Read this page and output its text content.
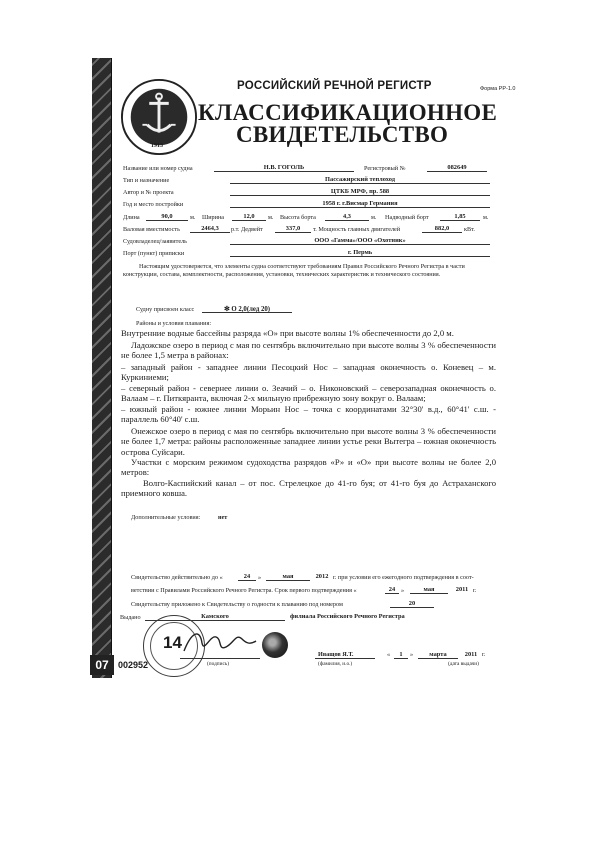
07
1913
РОССИЙСКИЙ РЕЧНОЙ РЕГИСТР	Форма РР-1.0
КЛАССИФИКАЦИОННОЕ
СВИДЕТЕЛЬСТВО
Название или номер судна	Н.В. ГОГОЛЬ	Регистровый №	082649
Тип и назначение	Пассажирский теплоход
Автор и № проекта	ЦТКБ МРФ, пр. 588
Год и место постройки	1958 г. г.Висмар Германия
Длина	90,0	м. Ширина	12,0	м. Высота борта	4,3	м. Надводный борт	1,85	м.
Валовая вместимость	2464,3	р.т. Дедвейт	337,0	т. Мощность главных двигателей	882,0	кВт.
Судовладелец/заявитель	ООО «Гамма»/ООО «Охотник»
Порт (пункт) приписки	г. Пермь
Настоящим удостоверяется, что элементы судна соответствуют требованиям Правил Российского Речного Регистра в части конструкции, состава, комплектности, расположения, установки, технических характеристик и технического состояния.
Судну присвоен класс	✻ О 2,0(лед 20)
Районы и условия плавания:
Внутренние водные бассейны разряда «О» при высоте волны 1% обеспеченности до 2,0 м.
Ладожское озеро в период с мая по сентябрь включительно при высоте волны 3 % обеспеченности не более 1,5 метра в районах:
– западный район - западнее линии Песоцкий Нос – западная оконечность о. Коневец – м. Куркиниеми;
– северный район - севернее линии о. Зеачий – о. Никоновский – северозападная оконечность о. Валаам – г. Питкяранта, включая 2-х мильную прибрежную зону вокруг о. Валаам;
– южный район - южнее линии Морьин Нос – точка с координатами 32°30' в.д., 60°41' с.ш. - параллель 60°40' с.ш.
Онежское озеро в период с мая по сентябрь включительно при высоте волны 3 % обеспеченности не более 1,7 метра: районы расположенные западнее линии устье реки Вытегра – южная оконечность острова Суйсари.
Участки с морским режимом судоходства разрядов «Р» и «О» при высоте волны не более 2,0 метров:
Волго-Каспийский канал – от пос. Стрелецкое до 41-го буя; от 41-го буя до Астраханского приемного ковша.
Дополнительные условия:	нет
Свидетельство действительно до «	24	»	мая	2012 г. при условии его ежегодного подтверждения в соот-
ветствии с Правилами Российского Речного Регистра. Срок первого подтверждения «	24 »	мая	2011 г.
Свидетельству приложено к Свидетельству о годности к плаванию под номером	20
Выдано	Камского	филиала Российского Речного Регистра
14
(подпись)
Иващов Я.Т.
(фамилия, и.о.)
«	1	»	марта	2011 г.
(дата выдачи)
002952
